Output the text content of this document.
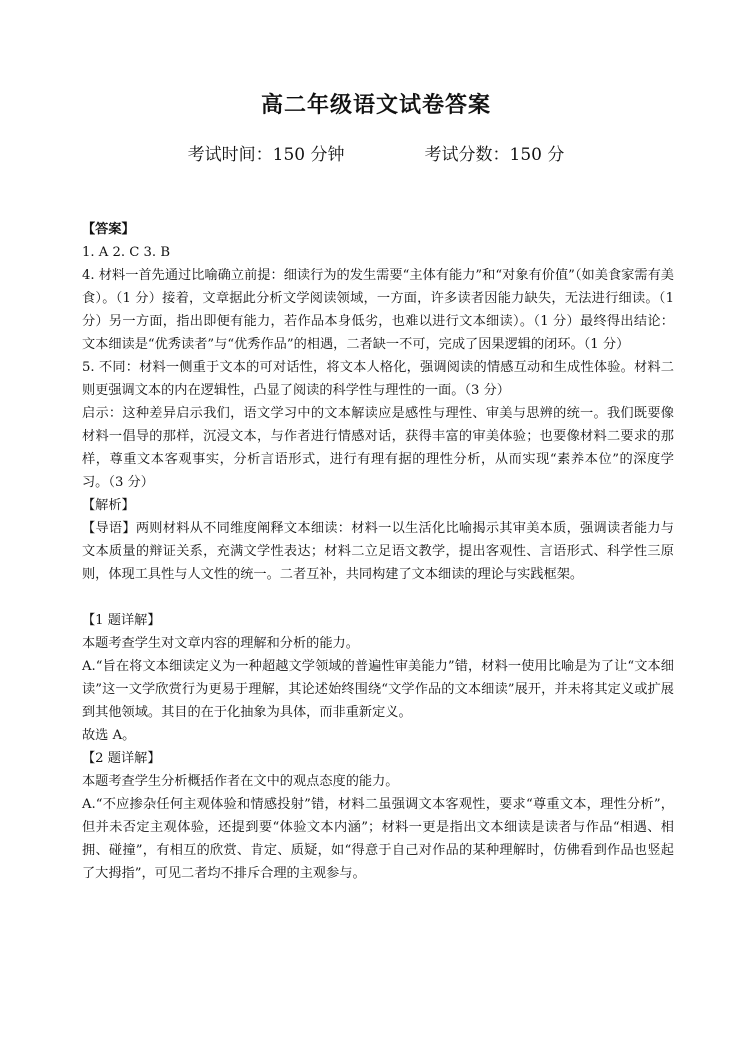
高二年级语文试卷答案
考试时间：150 分钟	考试分数：150 分

【答案】

1. A 2. C 3. B

4. 材料一首先通过比喻确立前提：细读行为的发生需要“主体有能力”和“对象有价值”（如美食家需有美食）。（1 分）接着，文章据此分析文学阅读领域，一方面，许多读者因能力缺失，无法进行细读。（1 分）另一方面，指出即便有能力，若作品本身低劣，也难以进行文本细读）。（1 分）最终得出结论：文本细读是“优秀读者”与“优秀作品”的相遇，二者缺一不可，完成了因果逻辑的闭环。（1 分）

5. 不同：材料一侧重于文本的可对话性，将文本人格化，强调阅读的情感互动和生成性体验。材料二则更强调文本的内在逻辑性，凸显了阅读的科学性与理性的一面。（3 分）

启示：这种差异启示我们，语文学习中的文本解读应是感性与理性、审美与思辨的统一。我们既要像材料一倡导的那样，沉浸文本，与作者进行情感对话，获得丰富的审美体验；也要像材料二要求的那样，尊重文本客观事实，分析言语形式，进行有理有据的理性分析，从而实现“素养本位”的深度学习。（3 分）

【解析】

【导语】两则材料从不同维度阐释文本细读：材料一以生活化比喻揭示其审美本质，强调读者能力与文本质量的辩证关系，充满文学性表达；材料二立足语文教学，提出客观性、言语形式、科学性三原则，体现工具性与人文性的统一。二者互补，共同构建了文本细读的理论与实践框架。

【1 题详解】

本题考查学生对文章内容的理解和分析的能力。

A.“旨在将文本细读定义为一种超越文学领域的普遍性审美能力”错，材料一使用比喻是为了让“文本细读”这一文学欣赏行为更易于理解，其论述始终围绕“文学作品的文本细读”展开，并未将其定义或扩展到其他领域。其目的在于化抽象为具体，而非重新定义。

故选 A。

【2 题详解】

本题考查学生分析概括作者在文中的观点态度的能力。

A.“不应掺杂任何主观体验和情感投射”错，材料二虽强调文本客观性，要求“尊重文本，理性分析”，但并未否定主观体验，还提到要“体验文本内涵”；材料一更是指出文本细读是读者与作品“相遇、相拥、碰撞”，有相互的欣赏、肯定、质疑，如“得意于自己对作品的某种理解时，仿佛看到作品也竖起了大拇指”，可见二者均不排斥合理的主观参与。
